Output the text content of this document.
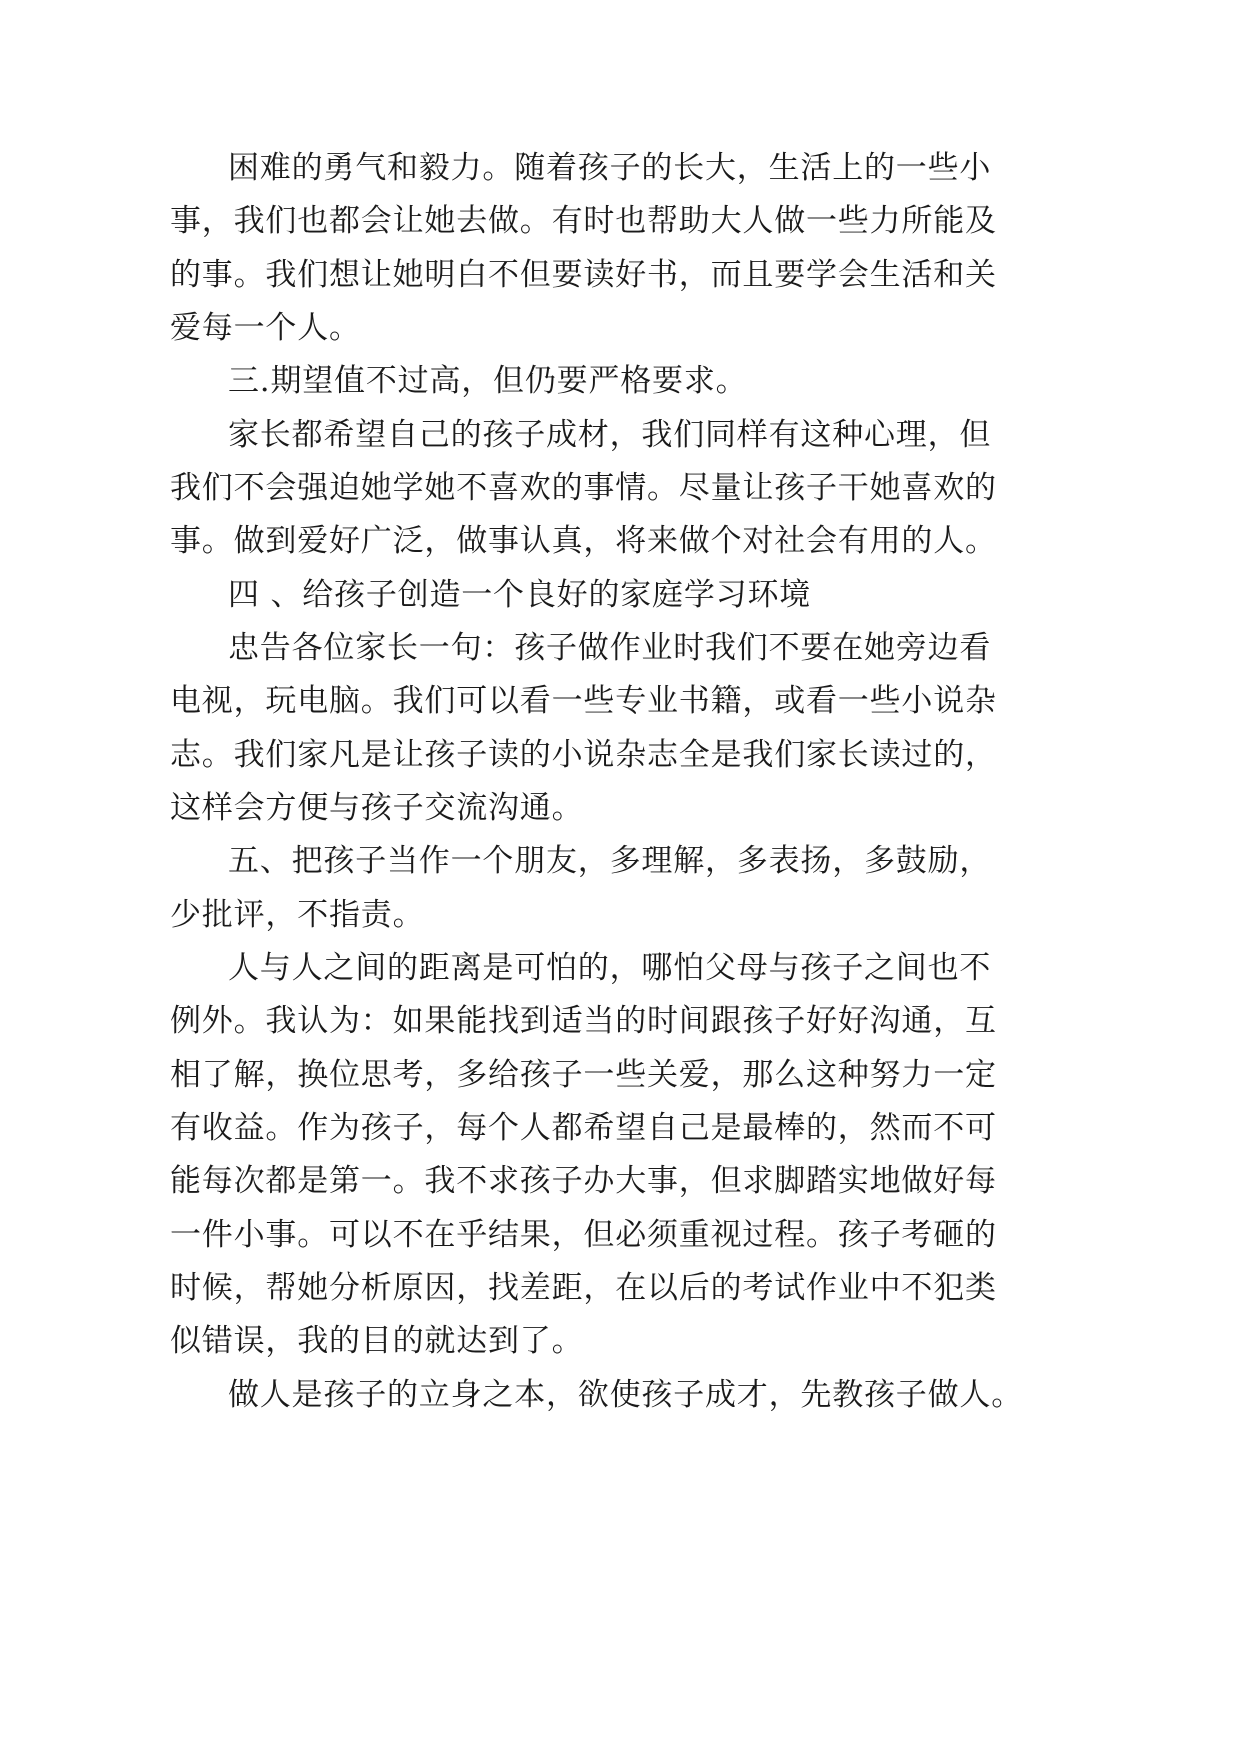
困难的勇气和毅力。随着孩子的长大，生活上的一些小
事，我们也都会让她去做。有时也帮助大人做一些力所能及
的事。我们想让她明白不但要读好书，而且要学会生活和关
爱每一个人。
三.期望值不过高，但仍要严格要求。
家长都希望自己的孩子成材，我们同样有这种心理，但
我们不会强迫她学她不喜欢的事情。尽量让孩子干她喜欢的
事。做到爱好广泛，做事认真，将来做个对社会有用的人。
四 、给孩子创造一个良好的家庭学习环境
忠告各位家长一句：孩子做作业时我们不要在她旁边看
电视，玩电脑。我们可以看一些专业书籍，或看一些小说杂
志。我们家凡是让孩子读的小说杂志全是我们家长读过的，
这样会方便与孩子交流沟通。
五、把孩子当作一个朋友，多理解，多表扬，多鼓励，
少批评，不指责。
人与人之间的距离是可怕的，哪怕父母与孩子之间也不
例外。我认为：如果能找到适当的时间跟孩子好好沟通，互
相了解，换位思考，多给孩子一些关爱，那么这种努力一定
有收益。作为孩子，每个人都希望自己是最棒的，然而不可
能每次都是第一。我不求孩子办大事，但求脚踏实地做好每
一件小事。可以不在乎结果，但必须重视过程。孩子考砸的
时候，帮她分析原因，找差距，在以后的考试作业中不犯类
似错误，我的目的就达到了。
做人是孩子的立身之本，欲使孩子成才，先教孩子做人。
